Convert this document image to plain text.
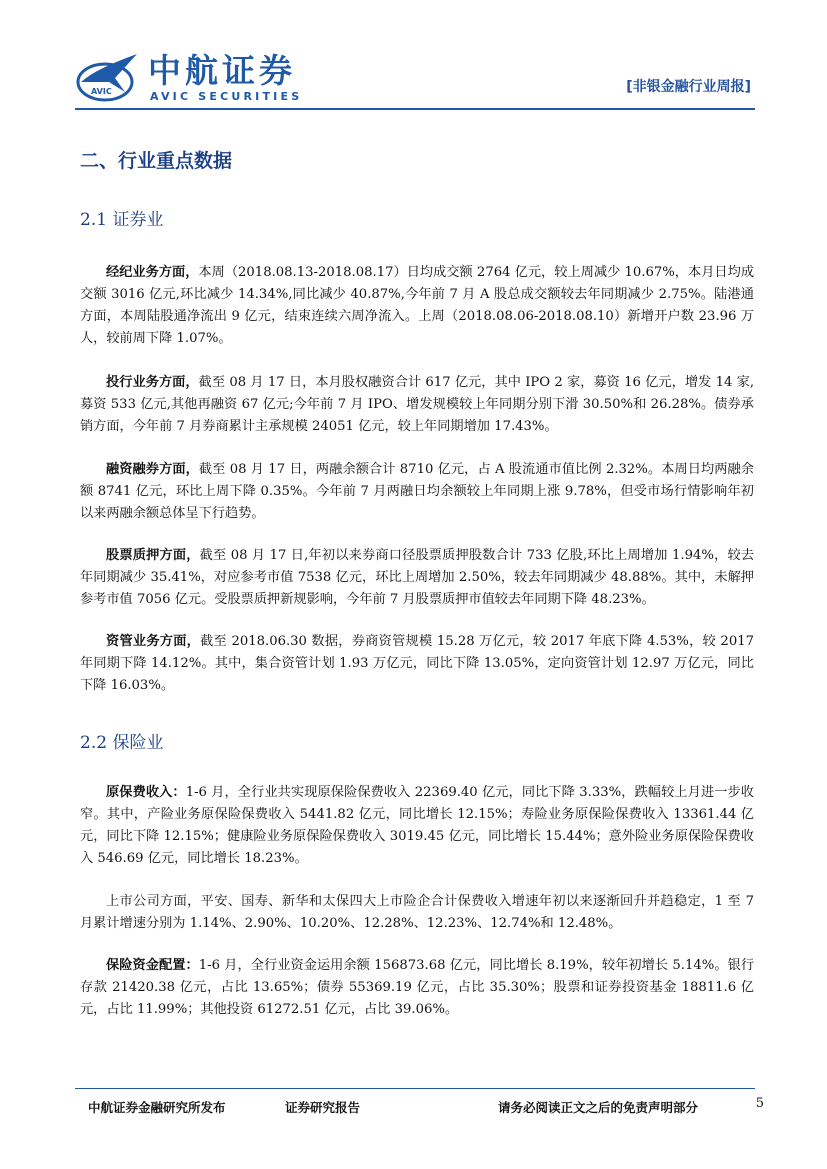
AVIC
中航证券
AVIC SECURITIES
[非银金融行业周报]
二、行业重点数据
2.1 证券业

经纪业务方面，本周（2018.08.13-2018.08.17）日均成交额 2764 亿元，较上周减少 10.67%，本月日均成交额 3016 亿元,环比减少 14.34%,同比减少 40.87%,今年前 7 月 A 股总成交额较去年同期减少 2.75%。陆港通方面，本周陆股通净流出 9 亿元，结束连续六周净流入。上周（2018.08.06-2018.08.10）新增开户数 23.96 万人，较前周下降 1.07%。

投行业务方面，截至 08 月 17 日，本月股权融资合计 617 亿元，其中 IPO 2 家，募资 16 亿元，增发 14 家,募资 533 亿元,其他再融资 67 亿元;今年前 7 月 IPO、增发规模较上年同期分别下滑 30.50%和 26.28%。债券承销方面，今年前 7 月券商累计主承规模 24051 亿元，较上年同期增加 17.43%。

融资融券方面，截至 08 月 17 日，两融余额合计 8710 亿元，占 A 股流通市值比例 2.32%。本周日均两融余额 8741 亿元，环比上周下降 0.35%。今年前 7 月两融日均余额较上年同期上涨 9.78%，但受市场行情影响年初以来两融余额总体呈下行趋势。

股票质押方面，截至 08 月 17 日,年初以来券商口径股票质押股数合计 733 亿股,环比上周增加 1.94%，较去年同期减少 35.41%，对应参考市值 7538 亿元，环比上周增加 2.50%，较去年同期减少 48.88%。其中，未解押参考市值 7056 亿元。受股票质押新规影响，今年前 7 月股票质押市值较去年同期下降 48.23%。

资管业务方面，截至 2018.06.30 数据，券商资管规模 15.28 万亿元，较 2017 年底下降 4.53%，较 2017 年同期下降 14.12%。其中，集合资管计划 1.93 万亿元，同比下降 13.05%，定向资管计划 12.97 万亿元，同比下降 16.03%。

2.2 保险业

原保费收入：1-6 月，全行业共实现原保险保费收入 22369.40 亿元，同比下降 3.33%，跌幅较上月进一步收窄。其中，产险业务原保险保费收入 5441.82 亿元，同比增长 12.15%；寿险业务原保险保费收入 13361.44 亿元，同比下降 12.15%；健康险业务原保险保费收入 3019.45 亿元，同比增长 15.44%；意外险业务原保险保费收入 546.69 亿元，同比增长 18.23%。

上市公司方面，平安、国寿、新华和太保四大上市险企合计保费收入增速年初以来逐渐回升并趋稳定，1 至 7 月累计增速分别为 1.14%、2.90%、10.20%、12.28%、12.23%、12.74%和 12.48%。

保险资金配置：1-6 月，全行业资金运用余额 156873.68 亿元，同比增长 8.19%，较年初增长 5.14%。银行存款 21420.38 亿元，占比 13.65%；债券 55369.19 亿元，占比 35.30%；股票和证券投资基金 18811.6 亿元，占比 11.99%；其他投资 61272.51 亿元，占比 39.06%。

中航证券金融研究所发布	证券研究报告	请务必阅读正文之后的免责声明部分	5
